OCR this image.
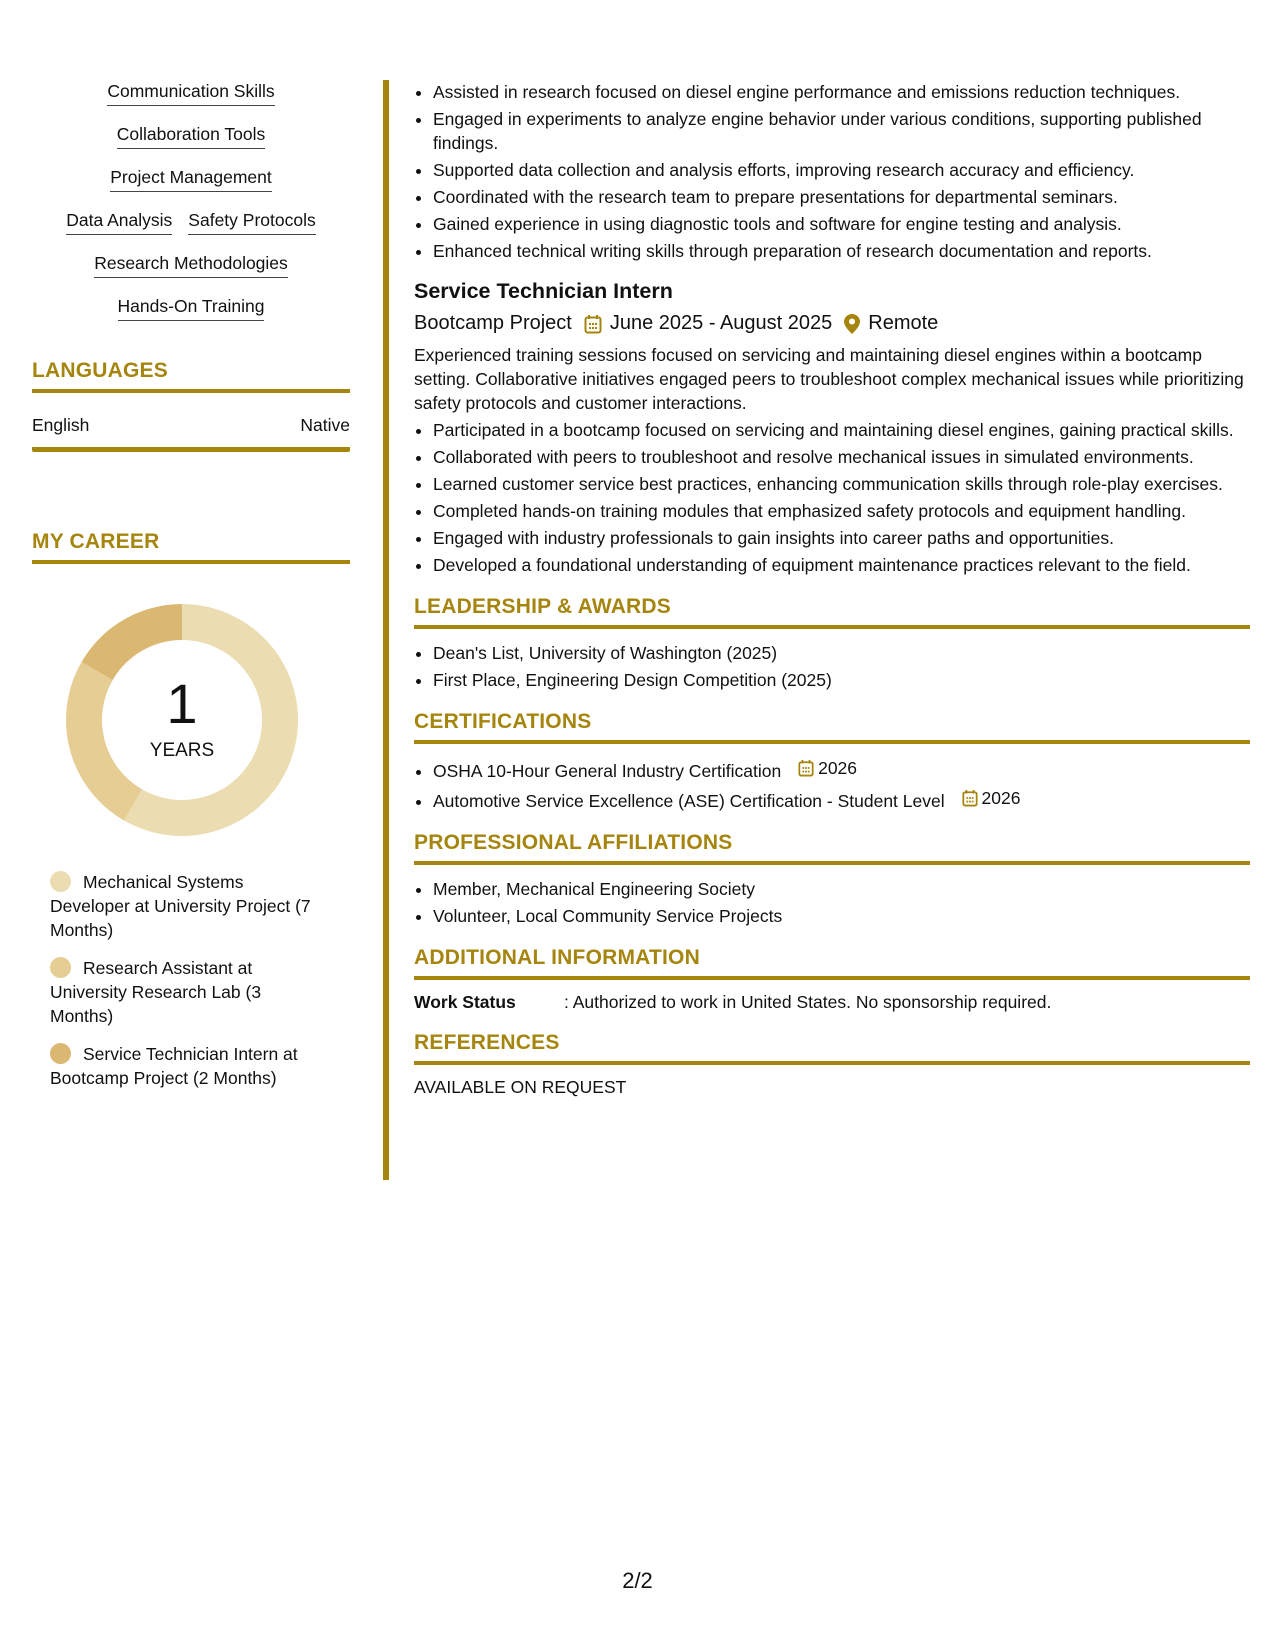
Communication Skills
Collaboration Tools
Project Management
Data Analysis Safety Protocols
Research Methodologies
Hands-On Training
LANGUAGES
English	Native
MY CAREER
1
YEARS
Mechanical Systems Developer at University Project (7 Months)
Research Assistant at University Research Lab (3 Months)
Service Technician Intern at Bootcamp Project (2 Months)
• Assisted in research focused on diesel engine performance and emissions reduction techniques.
• Engaged in experiments to analyze engine behavior under various conditions, supporting published findings.
• Supported data collection and analysis efforts, improving research accuracy and efficiency.
• Coordinated with the research team to prepare presentations for departmental seminars.
• Gained experience in using diagnostic tools and software for engine testing and analysis.
• Enhanced technical writing skills through preparation of research documentation and reports.
Service Technician Intern
Bootcamp Project June 2025 - August 2025 Remote
Experienced training sessions focused on servicing and maintaining diesel engines within a bootcamp setting. Collaborative initiatives engaged peers to troubleshoot complex mechanical issues while prioritizing safety protocols and customer interactions.
• Participated in a bootcamp focused on servicing and maintaining diesel engines, gaining practical skills.
• Collaborated with peers to troubleshoot and resolve mechanical issues in simulated environments.
• Learned customer service best practices, enhancing communication skills through role-play exercises.
• Completed hands-on training modules that emphasized safety protocols and equipment handling.
• Engaged with industry professionals to gain insights into career paths and opportunities.
• Developed a foundational understanding of equipment maintenance practices relevant to the field.
LEADERSHIP & AWARDS
• Dean's List, University of Washington (2025)
• First Place, Engineering Design Competition (2025)
CERTIFICATIONS
• OSHA 10-Hour General Industry Certification 2026
• Automotive Service Excellence (ASE) Certification - Student Level 2026
PROFESSIONAL AFFILIATIONS
• Member, Mechanical Engineering Society
• Volunteer, Local Community Service Projects
ADDITIONAL INFORMATION
Work Status	: Authorized to work in United States. No sponsorship required.
REFERENCES
AVAILABLE ON REQUEST
2/2
